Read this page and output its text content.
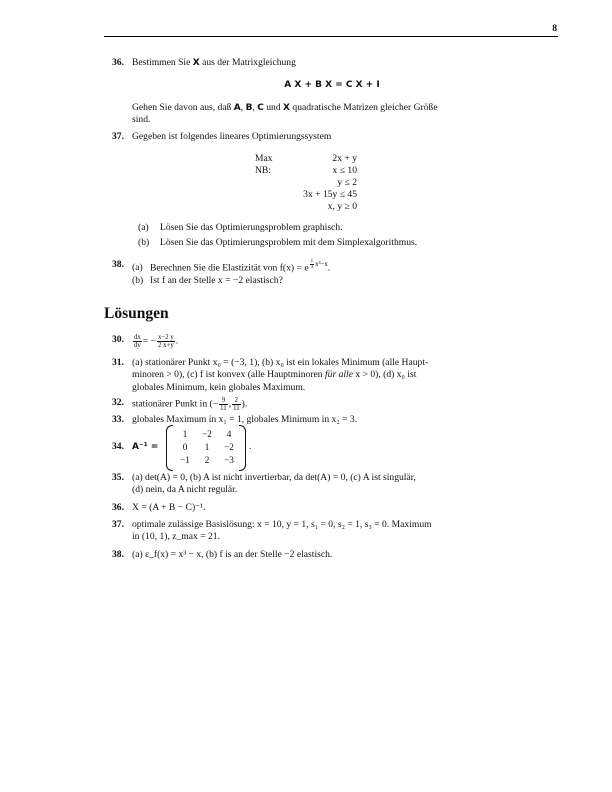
8
36. Bestimmen Sie X aus der Matrixgleichung
A X + B X = C X + I
Gehen Sie davon aus, daß A, B, C und X quadratische Matrizen gleicher Größe
sind.
37. Gegeben ist folgendes lineares Optimierungssystem
Max	2x + y
NB:	x ≤ 10
y ≤ 2
3x + 15y ≤ 45
x, y ≥ 0
(a) Lösen Sie das Optimierungsproblem graphisch.
(b) Lösen Sie das Optimierungsproblem mit dem Simplexalgorithmus.
38. (a) Berechnen Sie die Elastizität von f(x) = e $^{\frac{1}{3} x^3-x}$.
(b) Ist f an der Stelle x = −2 elastisch?
Lösungen
30.	$\frac{dx}{dy}$ = − $\frac{x-2 y}{2 x+y}$ .
31. (a) stationärer Punkt x₀ = (−3, 1), (b) x₀ ist ein lokales Minimum (alle Haupt-
minoren > 0), (c) f ist konvex (alle Hauptminoren für alle x > 0), (d) x₀ ist
globales Minimum, kein globales Maximum.
32. stationärer Punkt in (− $\frac{9}{11}$ , $\frac{2}{11}$ ).
33. globales Maximum in x₁ = 1, globales Minimum in x₂ = 3.
34. A⁻¹ =
1	−2	4
0	1	−2
−1	2	−3
.
35. (a) det(A) = 0, (b) A ist nicht invertierbar, da det(A) = 0, (c) A ist singulär,
(d) nein, da A nicht regulär.
36. X = (A + B − C)⁻¹.
37. optimale zulässige Basislösung: x = 10, y = 1, s₁ = 0, s₂ = 1, s₃ = 0. Maximum
in (10, 1), z_max = 21.
38. (a) ε_f(x) = x³ − x, (b) f is an der Stelle −2 elastisch.
